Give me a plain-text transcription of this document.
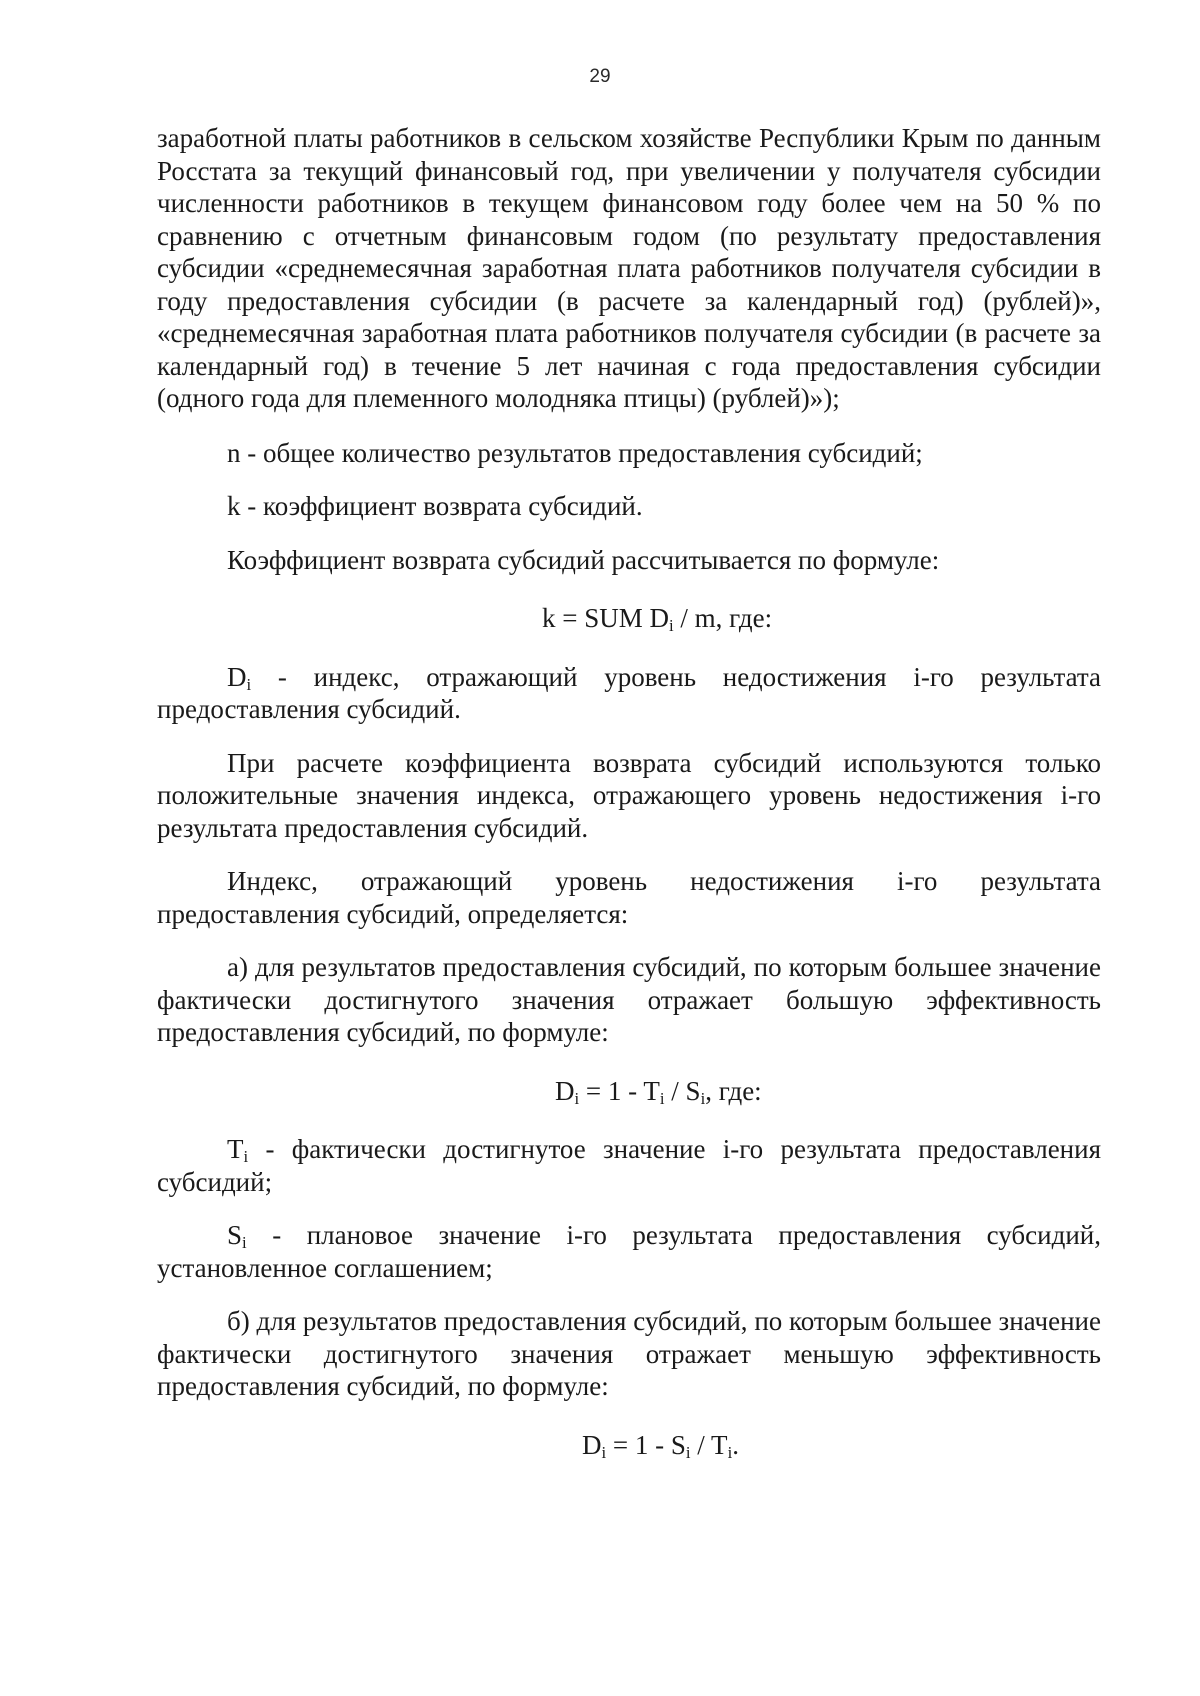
29

заработной платы работников в сельском хозяйстве Республики Крым по данным Росстата за текущий финансовый год, при увеличении у получателя субсидии численности работников в текущем финансовом году более чем на 50 % по сравнению с отчетным финансовым годом (по результату предоставления субсидии «среднемесячная заработная плата работников получателя субсидии в году предоставления субсидии (в расчете за календарный год) (рублей)», «среднемесячная заработная плата работников получателя субсидии (в расчете за календарный год) в течение 5 лет начиная с года предоставления субсидии (одного года для племенного молодняка птицы) (рублей)»);

n - общее количество результатов предоставления субсидий;

k - коэффициент возврата субсидий.

Коэффициент возврата субсидий рассчитывается по формуле:

k = SUM $D_i$ / m, где:

$D_i$ - индекс, отражающий уровень недостижения i-го результата предоставления субсидий.

При расчете коэффициента возврата субсидий используются только положительные значения индекса, отражающего уровень недостижения i-го результата предоставления субсидий.

Индекс, отражающий уровень недостижения i-го результата предоставления субсидий, определяется:

а) для результатов предоставления субсидий, по которым большее значение фактически достигнутого значения отражает большую эффективность предоставления субсидий, по формуле:

$D_i = 1 - T_i / S_i$, где:

$T_i$ - фактически достигнутое значение i-го результата предоставления субсидий;

$S_i$ - плановое значение i-го результата предоставления субсидий, установленное соглашением;

б) для результатов предоставления субсидий, по которым большее значение фактически достигнутого значения отражает меньшую эффективность предоставления субсидий, по формуле:

$D_i = 1 - S_i / T_i$.
